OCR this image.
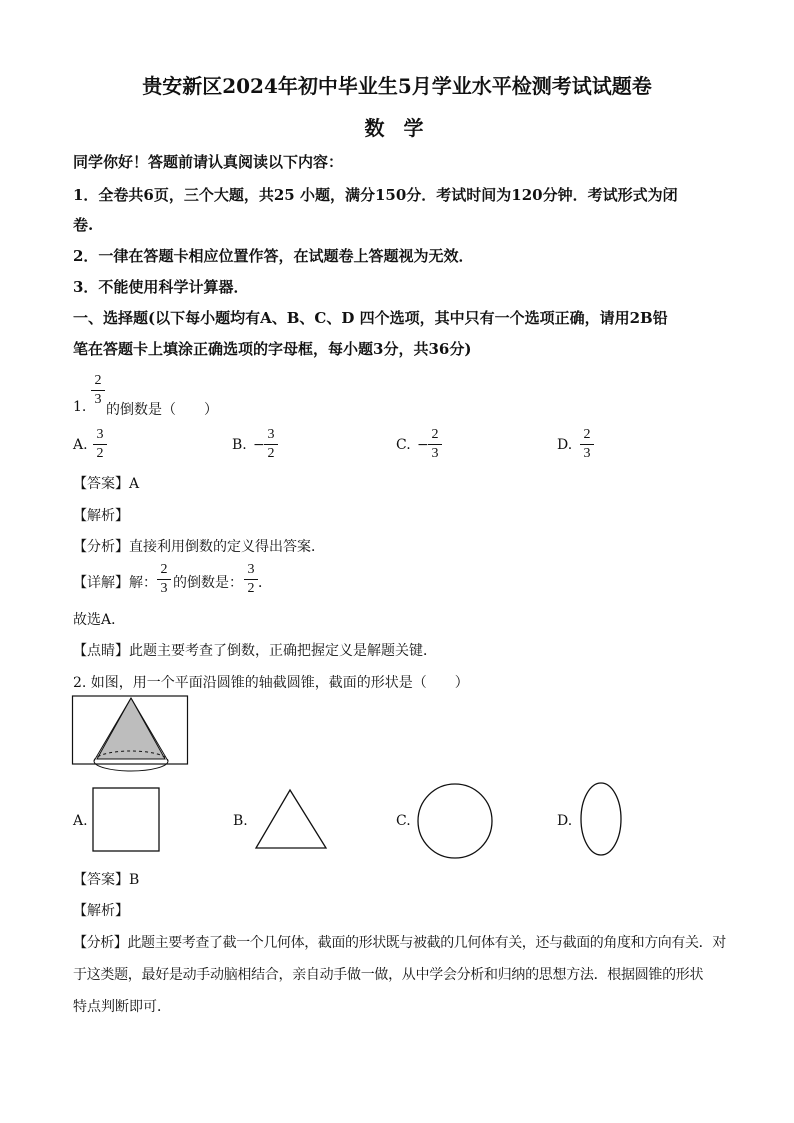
贵安新区2024年初中毕业生5月学业水平检测考试试题卷
数 学
同学你好！答题前请认真阅读以下内容：
1．全卷共6页，三个大题，共25 小题，满分150分．考试时间为120分钟．考试形式为闭
卷.
2．一律在答题卡相应位置作答，在试题卷上答题视为无效．
3．不能使用科学计算器．
一、选择题(以下每小题均有A、B、C、D 四个选项，其中只有一个选项正确，请用2B铅
笔在答题卡上填涂正确选项的字母框，每小题3分，共36分)
1.
2
3
的倒数是（　　）
A.
3
2
B. −
3
2
C. −
2
3
D.
2
3
【答案】A
【解析】
【分析】直接利用倒数的定义得出答案．
【详解】解：
2
3 的倒数是：
3
2 ．
故选A．
【点睛】此题主要考查了倒数，正确把握定义是解题关键．
2. 如图，用一个平面沿圆锥的轴截圆锥，截面的形状是（　　）
A.	B.	C.	D.
【答案】B
【解析】
【分析】此题主要考查了截一个几何体，截面的形状既与被截的几何体有关，还与截面的角度和方向有关．对
于这类题，最好是动手动脑相结合，亲自动手做一做，从中学会分析和归纳的思想方法．根据圆锥的形状
特点判断即可．
